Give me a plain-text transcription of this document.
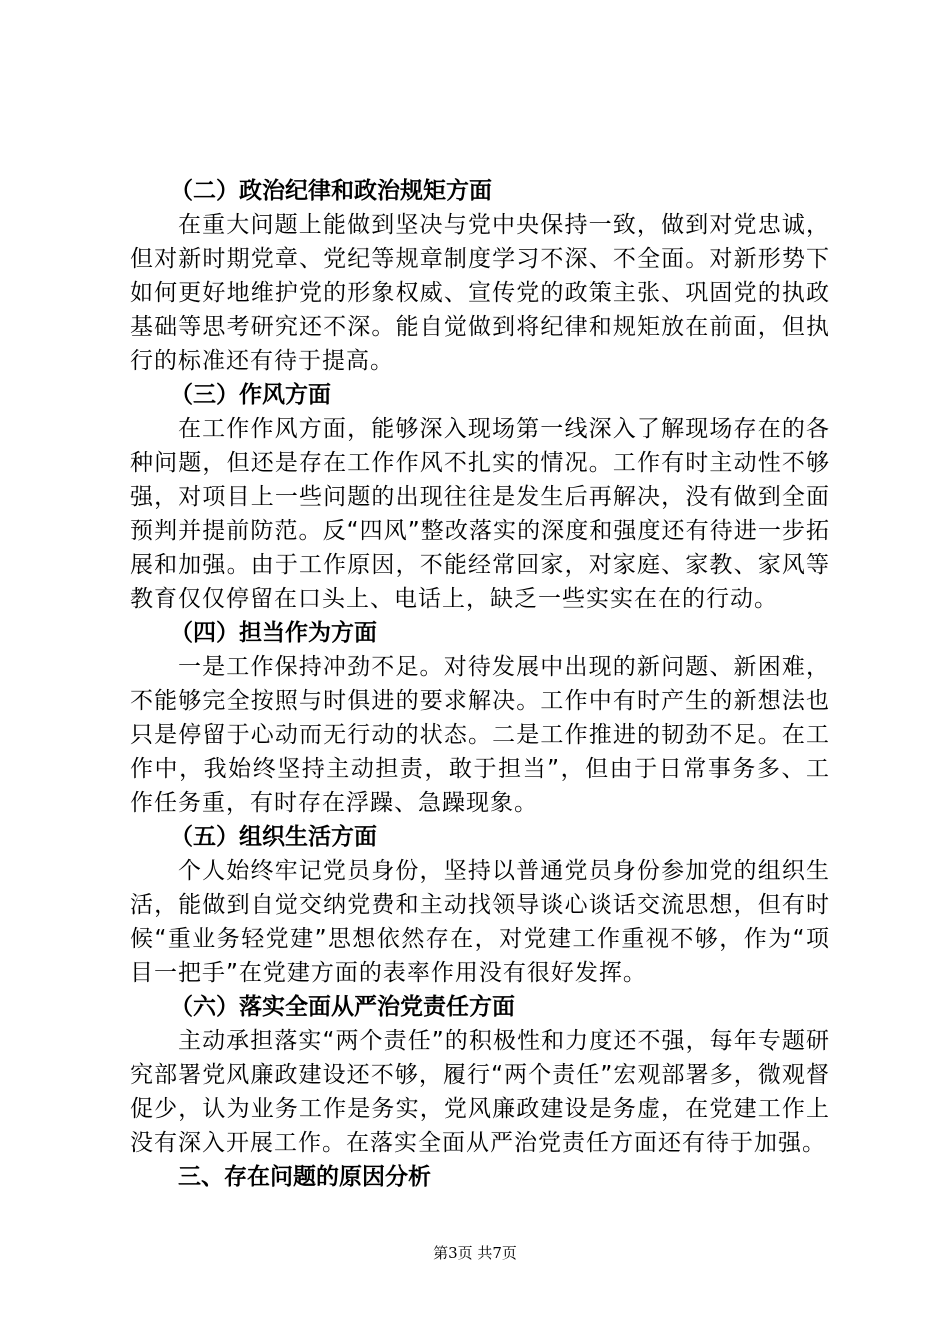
（二）政治纪律和政治规矩方面

在重大问题上能做到坚决与党中央保持一致，做到对党忠诚，但对新时期党章、党纪等规章制度学习不深、不全面。对新形势下如何更好地维护党的形象权威、宣传党的政策主张、巩固党的执政基础等思考研究还不深。能自觉做到将纪律和规矩放在前面，但执行的标准还有待于提高。

（三）作风方面

在工作作风方面，能够深入现场第一线深入了解现场存在的各种问题，但还是存在工作作风不扎实的情况。工作有时主动性不够强，对项目上一些问题的出现往往是发生后再解决，没有做到全面预判并提前防范。反“四风”整改落实的深度和强度还有待进一步拓展和加强。由于工作原因，不能经常回家，对家庭、家教、家风等教育仅仅停留在口头上、电话上，缺乏一些实实在在的行动。

（四）担当作为方面

一是工作保持冲劲不足。对待发展中出现的新问题、新困难，不能够完全按照与时俱进的要求解决。工作中有时产生的新想法也只是停留于心动而无行动的状态。二是工作推进的韧劲不足。在工作中，我始终坚持主动担责，敢于担当”，但由于日常事务多、工作任务重，有时存在浮躁、急躁现象。

（五）组织生活方面

个人始终牢记党员身份，坚持以普通党员身份参加党的组织生活，能做到自觉交纳党费和主动找领导谈心谈话交流思想，但有时候“重业务轻党建”思想依然存在，对党建工作重视不够，作为“项目一把手”在党建方面的表率作用没有很好发挥。

（六）落实全面从严治党责任方面

主动承担落实“两个责任”的积极性和力度还不强，每年专题研究部署党风廉政建设还不够，履行“两个责任”宏观部署多，微观督促少，认为业务工作是务实，党风廉政建设是务虚，在党建工作上没有深入开展工作。在落实全面从严治党责任方面还有待于加强。

三、存在问题的原因分析

第3页 共7页
